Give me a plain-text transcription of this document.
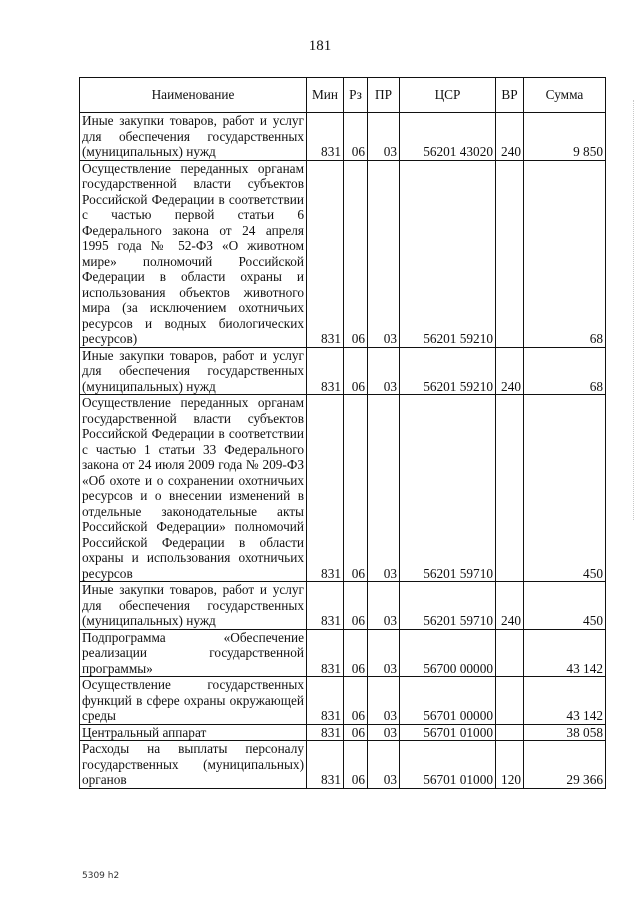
181
Наименование	Мин	Рз	ПР	ЦСР	ВР	Сумма
Иные закупки товаров, работ и услуг для обеспечения государственных (муниципальных) нужд	831	06	03	56201 43020	240	9 850
Осуществление переданных органам государственной власти субъектов Российской Федерации в соответствии с частью первой статьи 6 Федерального закона от 24 апреля 1995 года № 52-ФЗ «О животном мире» полномочий Российской Федерации в области охраны и использования объектов животного мира (за исключением охотничьих ресурсов и водных биологических ресурсов)	831	06	03	56201 59210		68
Иные закупки товаров, работ и услуг для обеспечения государственных (муниципальных) нужд	831	06	03	56201 59210	240	68
Осуществление переданных органам государственной власти субъектов Российской Федерации в соответствии с частью 1 статьи 33 Федерального закона от 24 июля 2009 года № 209-ФЗ «Об охоте и о сохранении охотничьих ресурсов и о внесении изменений в отдельные законодательные акты Российской Федерации» полномочий Российской Федерации в области охраны и использования охотничьих ресурсов	831	06	03	56201 59710		450
Иные закупки товаров, работ и услуг для обеспечения государственных (муниципальных) нужд	831	06	03	56201 59710	240	450
Подпрограмма «Обеспечение реализации государственной программы»	831	06	03	56700 00000		43 142
Осуществление государственных функций в сфере охраны окружающей среды	831	06	03	56701 00000		43 142
Центральный аппарат	831	06	03	56701 01000		38 058
Расходы на выплаты персоналу государственных (муниципальных) органов	831	06	03	56701 01000	120	29 366
5309 h2
